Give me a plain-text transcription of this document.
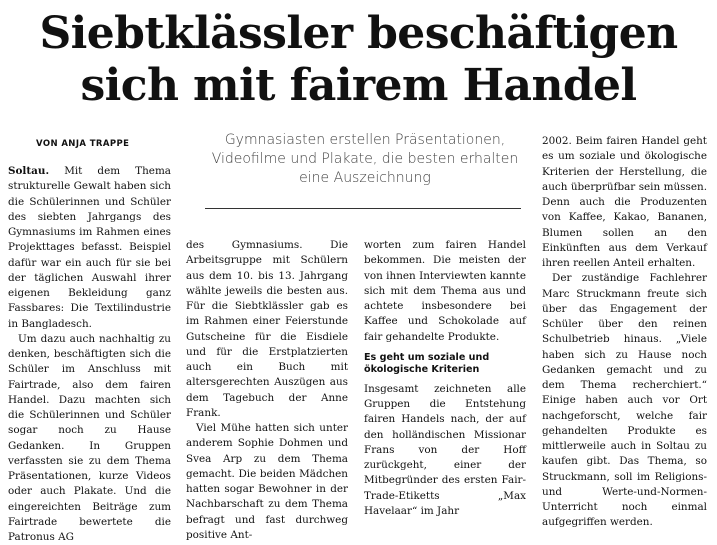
Siebtklässler beschäftigen
sich mit fairem Handel
VON ANJA TRAPPE	Gymnasiasten erstellen Präsentationen, Videofilme und Plakate, die besten erhalten eine Auszeichnung

Soltau. Mit dem Thema strukturelle Gewalt haben sich die Schülerinnen und Schüler des siebten Jahrgangs des Gymnasiums im Rahmen eines Projekttages befasst. Beispiel dafür war ein auch für sie bei der täglichen Auswahl ihrer eigenen Bekleidung ganz Fassbares: Die Textilindustrie in Bangladesch.

Um dazu auch nachhaltig zu denken, beschäftigten sich die Schüler im Anschluss mit Fairtrade, also dem fairen Handel. Dazu machten sich die Schülerinnen und Schüler sogar noch zu Hause Gedanken. In Gruppen verfassten sie zu dem Thema Präsentationen, kurze Videos oder auch Plakate. Und die eingereichten Beiträge zum Fairtrade bewertete die Patronus AG

des Gymnasiums. Die Arbeitsgruppe mit Schülern aus dem 10. bis 13. Jahrgang wählte jeweils die besten aus. Für die Siebtklässler gab es im Rahmen einer Feierstunde Gutscheine für die Eisdiele und für die Erstplatzierten auch ein Buch mit altersgerechten Auszügen aus dem Tagebuch der Anne Frank.

Viel Mühe hatten sich unter anderem Sophie Dohmen und Svea Arp zu dem Thema gemacht. Die beiden Mädchen hatten sogar Bewohner in der Nachbarschaft zu dem Thema befragt und fast durchweg positive Ant-

worten zum fairen Handel bekommen. Die meisten der von ihnen Interviewten kannte sich mit dem Thema aus und achtete insbesondere bei Kaffee und Schokolade auf fair gehandelte Produkte.

Es geht um soziale und ökologische Kriterien

Insgesamt zeichneten alle Gruppen die Entstehung fairen Handels nach, der auf den holländischen Missionar Frans von der Hoff zurückgeht, einer der Mitbegründer des ersten Fair-Trade-Etiketts „Max Havelaar“ im Jahr

2002. Beim fairen Handel geht es um soziale und ökologische Kriterien der Herstellung, die auch überprüfbar sein müssen. Denn auch die Produzenten von Kaffee, Kakao, Bananen, Blumen sollen an den Einkünften aus dem Verkauf ihren reellen Anteil erhalten.

Der zuständige Fachlehrer Marc Struckmann freute sich über das Engagement der Schüler über den reinen Schulbetrieb hinaus. „Viele haben sich zu Hause noch Gedanken gemacht und zu dem Thema recherchiert.“ Einige haben auch vor Ort nachgeforscht, welche fair gehandelten Produkte es mittlerweile auch in Soltau zu kaufen gibt. Das Thema, so Struckmann, soll im Religions- und Werte-und-Normen-Unterricht noch einmal aufgegriffen werden.
